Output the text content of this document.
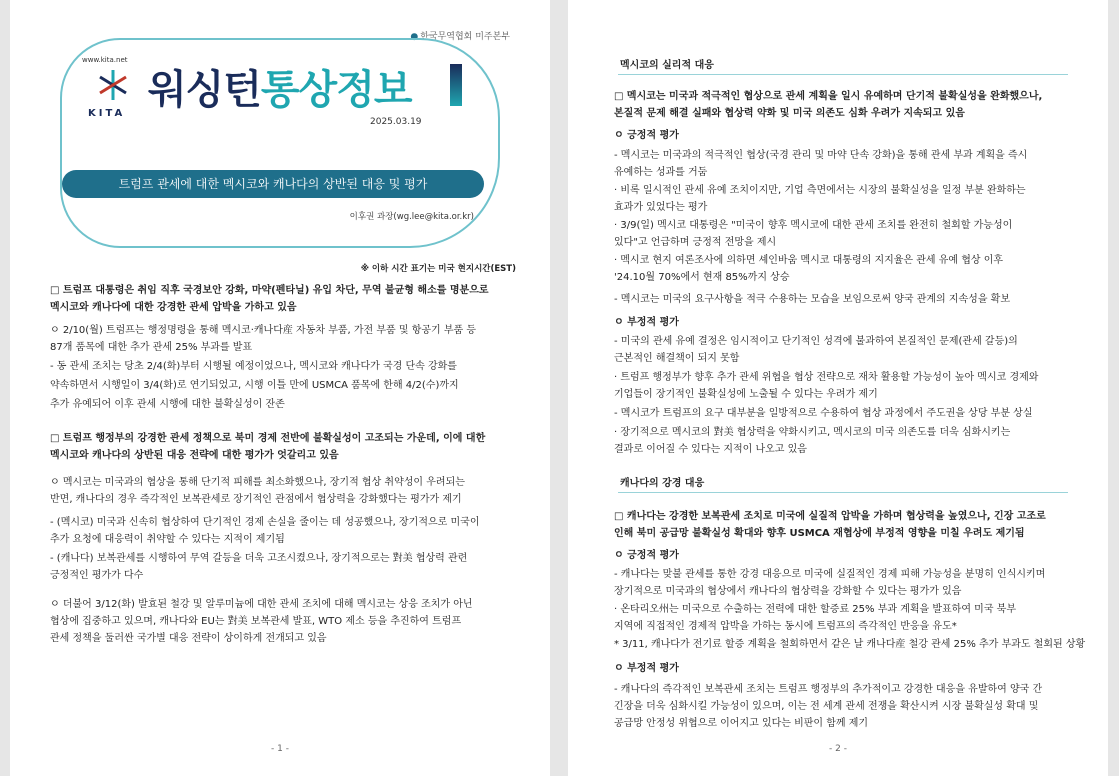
● 한국무역협회 미주본부
www.kita.net
KITA
워싱턴통상정보
2025.03.19
트럼프 관세에 대한 멕시코와 캐나다의 상반된 대응 및 평가
이후권 과장(wg.lee@kita.or.kr)
※ 이하 시간 표기는 미국 현지시간(EST)
□ 트럼프 대통령은 취임 직후 국경보안 강화, 마약(펜타닐) 유입 차단, 무역 불균형 해소를 명분으로
멕시코와 캐나다에 대한 강경한 관세 압박을 가하고 있음
ㅇ 2/10(월) 트럼프는 행정명령을 통해 멕시코·캐나다産 자동차 부품, 가전 부품 및 항공기 부품 등
87개 품목에 대한 추가 관세 25% 부과를 발표
- 동 관세 조치는 당초 2/4(화)부터 시행될 예정이었으나, 멕시코와 캐나다가 국경 단속 강화를
약속하면서 시행일이 3/4(화)로 연기되었고, 시행 이틀 만에 USMCA 품목에 한해 4/2(수)까지
추가 유예되어 이후 관세 시행에 대한 불확실성이 잔존
□ 트럼프 행정부의 강경한 관세 정책으로 북미 경제 전반에 불확실성이 고조되는 가운데, 이에 대한
멕시코와 캐나다의 상반된 대응 전략에 대한 평가가 엇갈리고 있음
ㅇ 멕시코는 미국과의 협상을 통해 단기적 피해를 최소화했으나, 장기적 협상 취약성이 우려되는
반면, 캐나다의 경우 즉각적인 보복관세로 장기적인 관점에서 협상력을 강화했다는 평가가 제기
- (멕시코) 미국과 신속히 협상하여 단기적인 경제 손실을 줄이는 데 성공했으나, 장기적으로 미국이
추가 요청에 대응력이 취약할 수 있다는 지적이 제기됨
- (캐나다) 보복관세를 시행하여 무역 갈등을 더욱 고조시켰으나, 장기적으로는 對美 협상력 관련
긍정적인 평가가 다수
ㅇ 더불어 3/12(화) 발효된 철강 및 알루미늄에 대한 관세 조치에 대해 멕시코는 상응 조치가 아닌
협상에 집중하고 있으며, 캐나다와 EU는 對美 보복관세 발표, WTO 제소 등을 추진하여 트럼프
관세 정책을 둘러싼 국가별 대응 전략이 상이하게 전개되고 있음
- 1 -
멕시코의 실리적 대응
□ 멕시코는 미국과 적극적인 협상으로 관세 계획을 일시 유예하며 단기적 불확실성을 완화했으나,
본질적 문제 해결 실패와 협상력 약화 및 미국 의존도 심화 우려가 지속되고 있음
ㅇ 긍정적 평가
- 멕시코는 미국과의 적극적인 협상(국경 관리 및 마약 단속 강화)을 통해 관세 부과 계획을 즉시
유예하는 성과를 거둠
· 비록 일시적인 관세 유예 조치이지만, 기업 측면에서는 시장의 불확실성을 일정 부분 완화하는
효과가 있었다는 평가
· 3/9(일) 멕시코 대통령은 "미국이 향후 멕시코에 대한 관세 조치를 완전히 철회할 가능성이
있다"고 언급하며 긍정적 전망을 제시
· 멕시코 현지 여론조사에 의하면 셰인바움 멕시코 대통령의 지지율은 관세 유예 협상 이후
'24.10월 70%에서 현재 85%까지 상승
- 멕시코는 미국의 요구사항을 적극 수용하는 모습을 보임으로써 양국 관계의 지속성을 확보
ㅇ 부정적 평가
- 미국의 관세 유예 결정은 임시적이고 단기적인 성격에 불과하여 본질적인 문제(관세 갈등)의
근본적인 해결책이 되지 못함
· 트럼프 행정부가 향후 추가 관세 위협을 협상 전략으로 재차 활용할 가능성이 높아 멕시코 경제와
기업들이 장기적인 불확실성에 노출될 수 있다는 우려가 제기
- 멕시코가 트럼프의 요구 대부분을 일방적으로 수용하여 협상 과정에서 주도권을 상당 부분 상실
· 장기적으로 멕시코의 對美 협상력을 약화시키고, 멕시코의 미국 의존도를 더욱 심화시키는
결과로 이어질 수 있다는 지적이 나오고 있음
캐나다의 강경 대응
□ 캐나다는 강경한 보복관세 조치로 미국에 실질적 압박을 가하며 협상력을 높였으나, 긴장 고조로
인해 북미 공급망 불확실성 확대와 향후 USMCA 재협상에 부정적 영향을 미칠 우려도 제기됨
ㅇ 긍정적 평가
- 캐나다는 맞불 관세를 통한 강경 대응으로 미국에 실질적인 경제 피해 가능성을 분명히 인식시키며
장기적으로 미국과의 협상에서 캐나다의 협상력을 강화할 수 있다는 평가가 있음
· 온타리오州는 미국으로 수출하는 전력에 대한 할증료 25% 부과 계획을 발표하여 미국 북부
지역에 직접적인 경제적 압박을 가하는 동시에 트럼프의 즉각적인 반응을 유도*
* 3/11, 캐나다가 전기료 할증 계획을 철회하면서 같은 날 캐나다産 철강 관세 25% 추가 부과도 철회된 상황
ㅇ 부정적 평가
- 캐나다의 즉각적인 보복관세 조치는 트럼프 행정부의 추가적이고 강경한 대응을 유발하여 양국 간
긴장을 더욱 심화시킬 가능성이 있으며, 이는 전 세계 관세 전쟁을 확산시켜 시장 불확실성 확대 및
공급망 안정성 위협으로 이어지고 있다는 비판이 함께 제기
- 2 -
